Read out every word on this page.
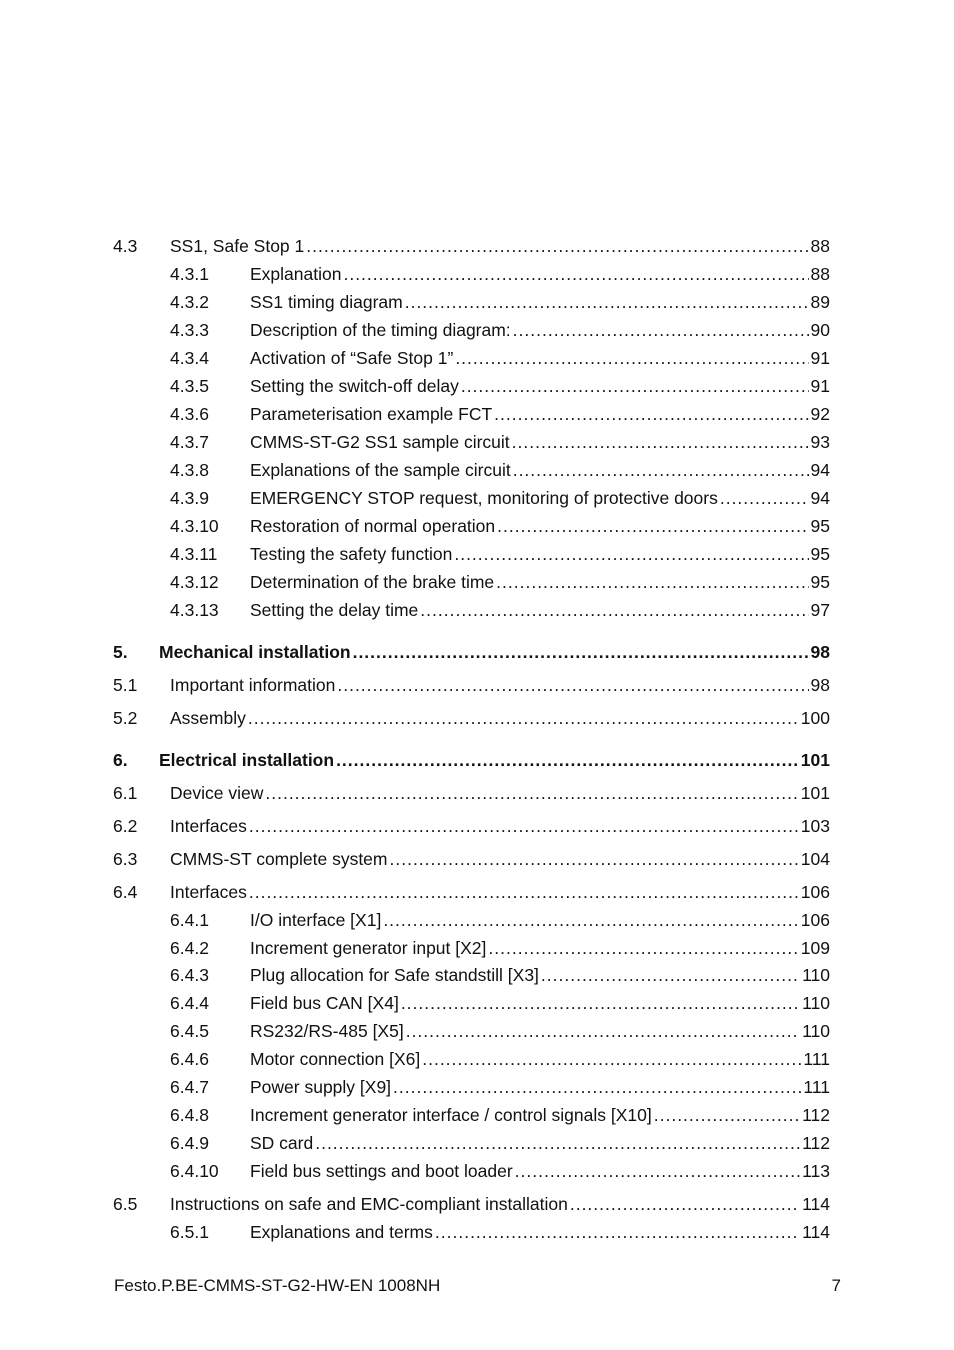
4.3 SS1, Safe Stop 1 .....	88
4.3.1 Explanation .....	88
4.3.2 SS1 timing diagram .....	89
4.3.3 Description of the timing diagram: .....	90
4.3.4 Activation of “Safe Stop 1” .....	91
4.3.5 Setting the switch-off delay .....	91
4.3.6 Parameterisation example FCT .....	92
4.3.7 CMMS-ST-G2 SS1 sample circuit .....	93
4.3.8 Explanations of the sample circuit .....	94
4.3.9 EMERGENCY STOP request, monitoring of protective doors .....	94
4.3.10 Restoration of normal operation .....	95
4.3.11 Testing the safety function .....	95
4.3.12 Determination of the brake time .....	95
4.3.13 Setting the delay time .....	97
5. Mechanical installation .....	98
5.1 Important information .....	98
5.2 Assembly .....	100
6. Electrical installation .....	101
6.1 Device view .....	101
6.2 Interfaces .....	103
6.3 CMMS-ST complete system .....	104
6.4 Interfaces .....	106
6.4.1 I/O interface [X1] .....	106
6.4.2 Increment generator input [X2] .....	109
6.4.3 Plug allocation for Safe standstill [X3] .....	110
6.4.4 Field bus CAN [X4] .....	110
6.4.5 RS232/RS-485 [X5] .....	110
6.4.6 Motor connection [X6] .....	111
6.4.7 Power supply [X9] .....	111
6.4.8 Increment generator interface / control signals [X10] .....	112
6.4.9 SD card .....	112
6.4.10 Field bus settings and boot loader .....	113
6.5 Instructions on safe and EMC-compliant installation .....	114
6.5.1 Explanations and terms .....	114
Festo.P.BE-CMMS-ST-G2-HW-EN 1008NH	7
